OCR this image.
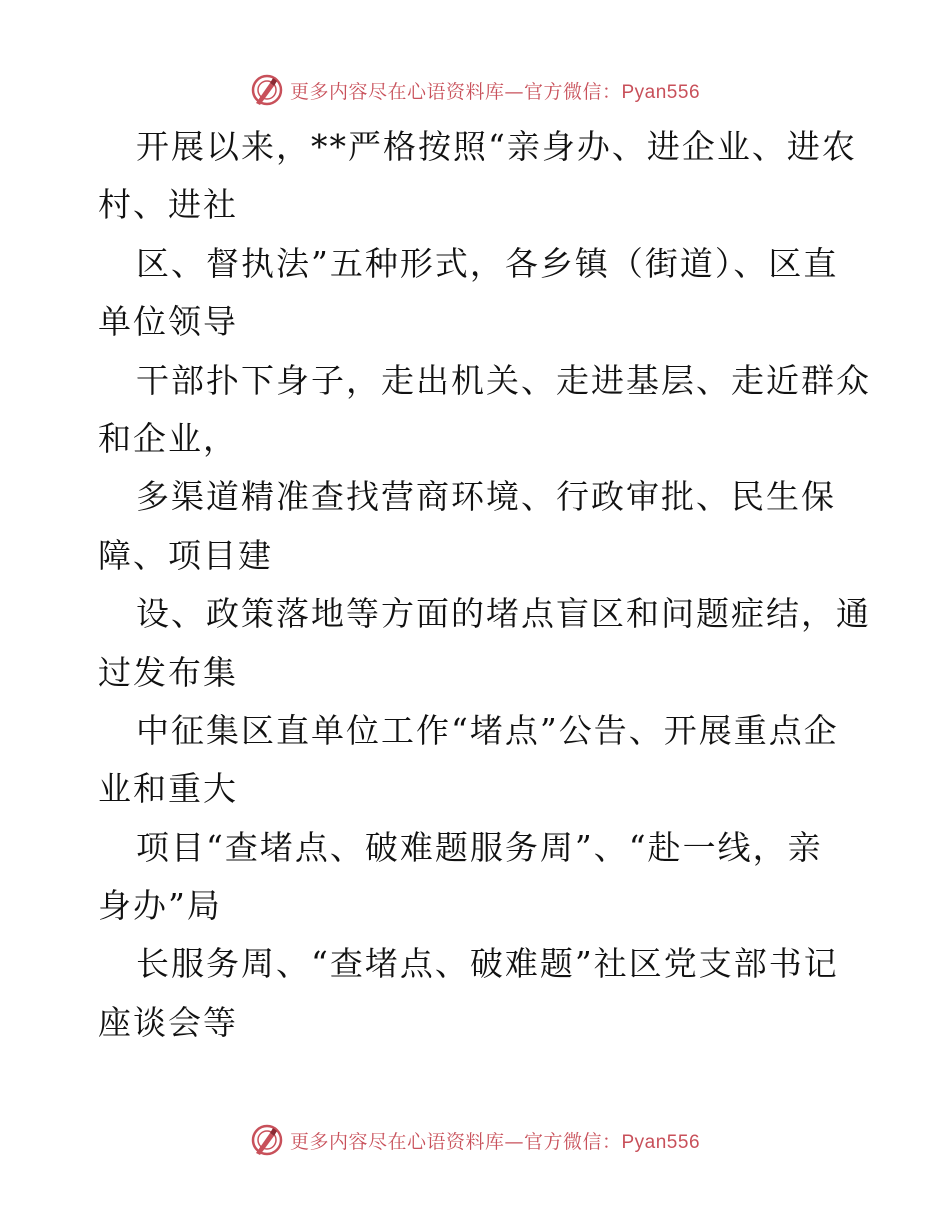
更多内容尽在心语资料库—官方微信：Pyan556
开展以来，**严格按照“亲身办、进企业、进农
村、进社
区、督执法”五种形式，各乡镇（街道）、区直
单位领导
干部扑下身子，走出机关、走进基层、走近群众
和企业，
多渠道精准查找营商环境、行政审批、民生保
障、项目建
设、政策落地等方面的堵点盲区和问题症结，通
过发布集
中征集区直单位工作“堵点”公告、开展重点企
业和重大
项目“查堵点、破难题服务周”、“赴一线，亲
身办”局
长服务周、“查堵点、破难题”社区党支部书记
座谈会等
更多内容尽在心语资料库—官方微信：Pyan556
